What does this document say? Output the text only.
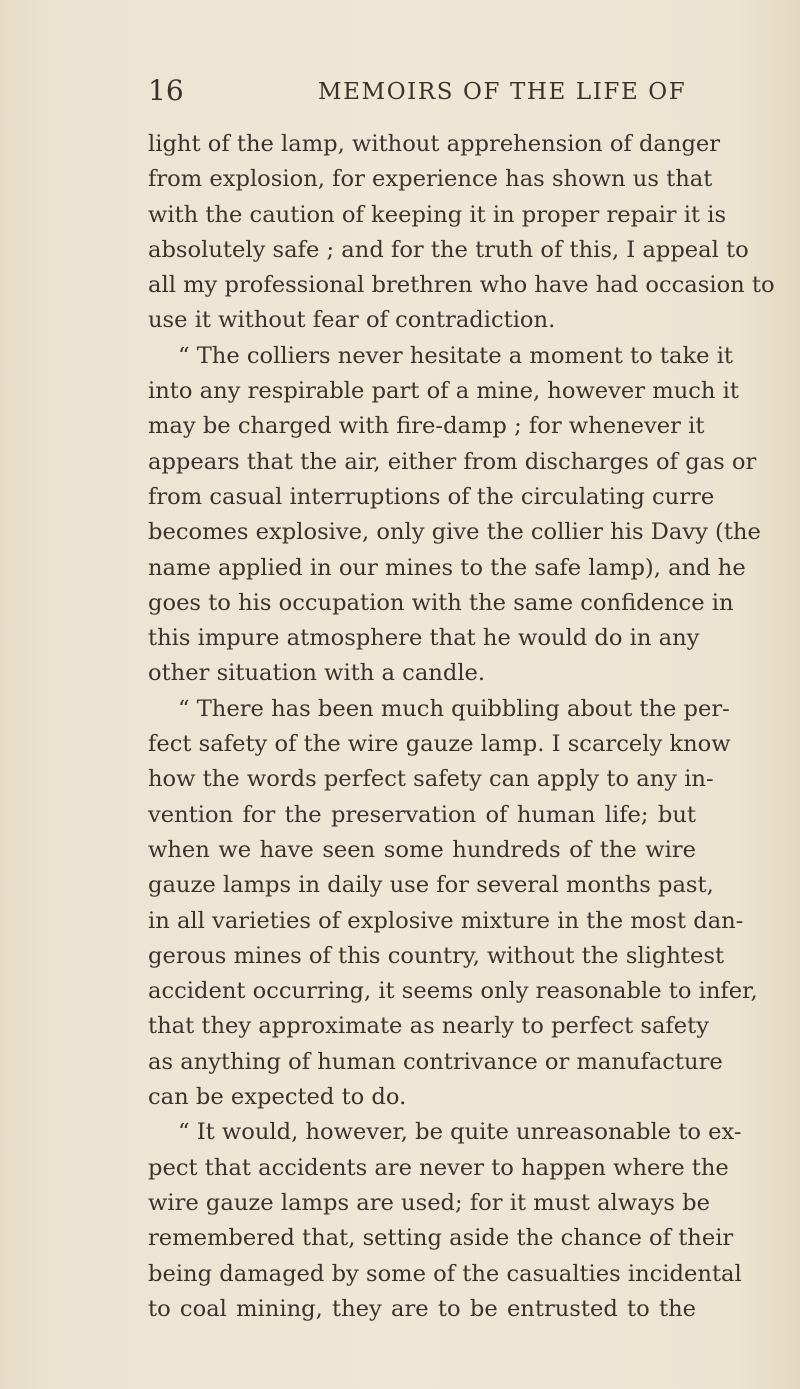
16	MEMOIRS OF THE LIFE OF
light of the lamp, without apprehension of danger
from explosion, for experience has shown us that
with the caution of keeping it in proper repair it is
absolutely safe ; and for the truth of this, I appeal to
all my professional brethren who have had occasion to
use it without fear of contradiction.
“ The colliers never hesitate a moment to take it
into any respirable part of a mine, however much it
may be charged with fire-damp ; for whenever it
appears that the air, either from discharges of gas or
from casual interruptions of the circulating curre
becomes explosive, only give the collier his Davy (the
name applied in our mines to the safe lamp), and he
goes to his occupation with the same confidence in
this impure atmosphere that he would do in any
other situation with a candle.
“ There has been much quibbling about the per-
fect safety of the wire gauze lamp. I scarcely know
how the words perfect safety can apply to any in-
vention for the preservation of human life; but
when we have seen some hundreds of the wire
gauze lamps in daily use for several months past,
in all varieties of explosive mixture in the most dan-
gerous mines of this country, without the slightest
accident occurring, it seems only reasonable to infer,
that they approximate as nearly to perfect safety
as anything of human contrivance or manufacture
can be expected to do.
“ It would, however, be quite unreasonable to ex-
pect that accidents are never to happen where the
wire gauze lamps are used; for it must always be
remembered that, setting aside the chance of their
being damaged by some of the casualties incidental
to coal mining, they are to be entrusted to the
